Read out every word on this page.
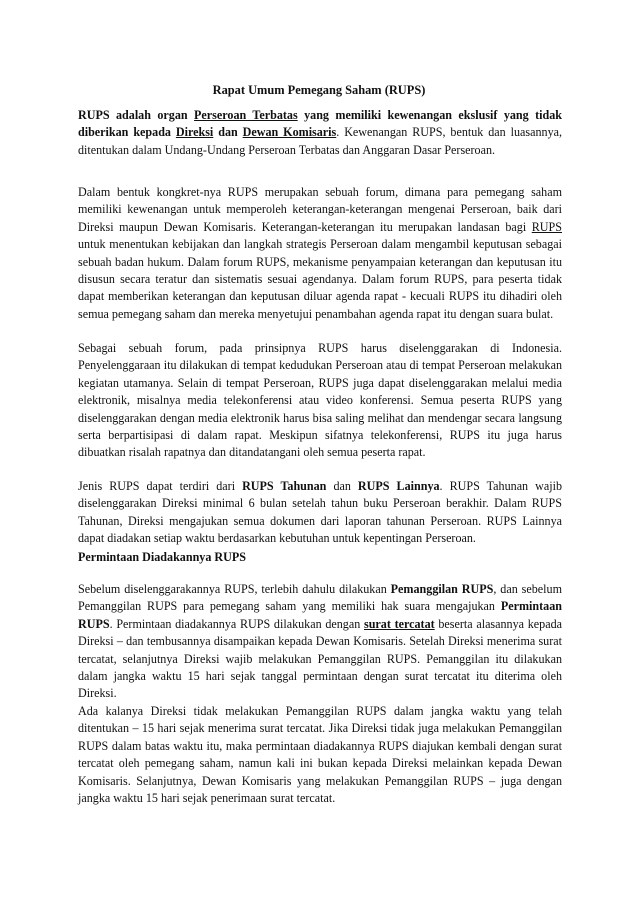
Rapat Umum Pemegang Saham (RUPS)

RUPS adalah organ Perseroan Terbatas yang memiliki kewenangan ekslusif yang tidak diberikan kepada Direksi dan Dewan Komisaris. Kewenangan RUPS, bentuk dan luasannya, ditentukan dalam Undang-Undang Perseroan Terbatas dan Anggaran Dasar Perseroan.

Dalam bentuk kongkret-nya RUPS merupakan sebuah forum, dimana para pemegang saham memiliki kewenangan untuk memperoleh keterangan-keterangan mengenai Perseroan, baik dari Direksi maupun Dewan Komisaris. Keterangan-keterangan itu merupakan landasan bagi RUPS untuk menentukan kebijakan dan langkah strategis Perseroan dalam mengambil keputusan sebagai sebuah badan hukum. Dalam forum RUPS, mekanisme penyampaian keterangan dan keputusan itu disusun secara teratur dan sistematis sesuai agendanya. Dalam forum RUPS, para peserta tidak dapat memberikan keterangan dan keputusan diluar agenda rapat - kecuali RUPS itu dihadiri oleh semua pemegang saham dan mereka menyetujui penambahan agenda rapat itu dengan suara bulat.

Sebagai sebuah forum, pada prinsipnya RUPS harus diselenggarakan di Indonesia. Penyelenggaraan itu dilakukan di tempat kedudukan Perseroan atau di tempat Perseroan melakukan kegiatan utamanya. Selain di tempat Perseroan, RUPS juga dapat diselenggarakan melalui media elektronik, misalnya media telekonferensi atau video konferensi. Semua peserta RUPS yang diselenggarakan dengan media elektronik harus bisa saling melihat dan mendengar secara langsung serta berpartisipasi di dalam rapat. Meskipun sifatnya telekonferensi, RUPS itu juga harus dibuatkan risalah rapatnya dan ditandatangani oleh semua peserta rapat.

Jenis RUPS dapat terdiri dari RUPS Tahunan dan RUPS Lainnya. RUPS Tahunan wajib diselenggarakan Direksi minimal 6 bulan setelah tahun buku Perseroan berakhir. Dalam RUPS Tahunan, Direksi mengajukan semua dokumen dari laporan tahunan Perseroan. RUPS Lainnya dapat diadakan setiap waktu berdasarkan kebutuhan untuk kepentingan Perseroan.

Permintaan Diadakannya RUPS

Sebelum diselenggarakannya RUPS, terlebih dahulu dilakukan Pemanggilan RUPS, dan sebelum Pemanggilan RUPS para pemegang saham yang memiliki hak suara mengajukan Permintaan RUPS. Permintaan diadakannya RUPS dilakukan dengan surat tercatat beserta alasannya kepada Direksi – dan tembusannya disampaikan kepada Dewan Komisaris. Setelah Direksi menerima surat tercatat, selanjutnya Direksi wajib melakukan Pemanggilan RUPS. Pemanggilan itu dilakukan dalam jangka waktu 15 hari sejak tanggal permintaan dengan surat tercatat itu diterima oleh Direksi.

Ada kalanya Direksi tidak melakukan Pemanggilan RUPS dalam jangka waktu yang telah ditentukan – 15 hari sejak menerima surat tercatat. Jika Direksi tidak juga melakukan Pemanggilan RUPS dalam batas waktu itu, maka permintaan diadakannya RUPS diajukan kembali dengan surat tercatat oleh pemegang saham, namun kali ini bukan kepada Direksi melainkan kepada Dewan Komisaris. Selanjutnya, Dewan Komisaris yang melakukan Pemanggilan RUPS – juga dengan jangka waktu 15 hari sejak penerimaan surat tercatat.
